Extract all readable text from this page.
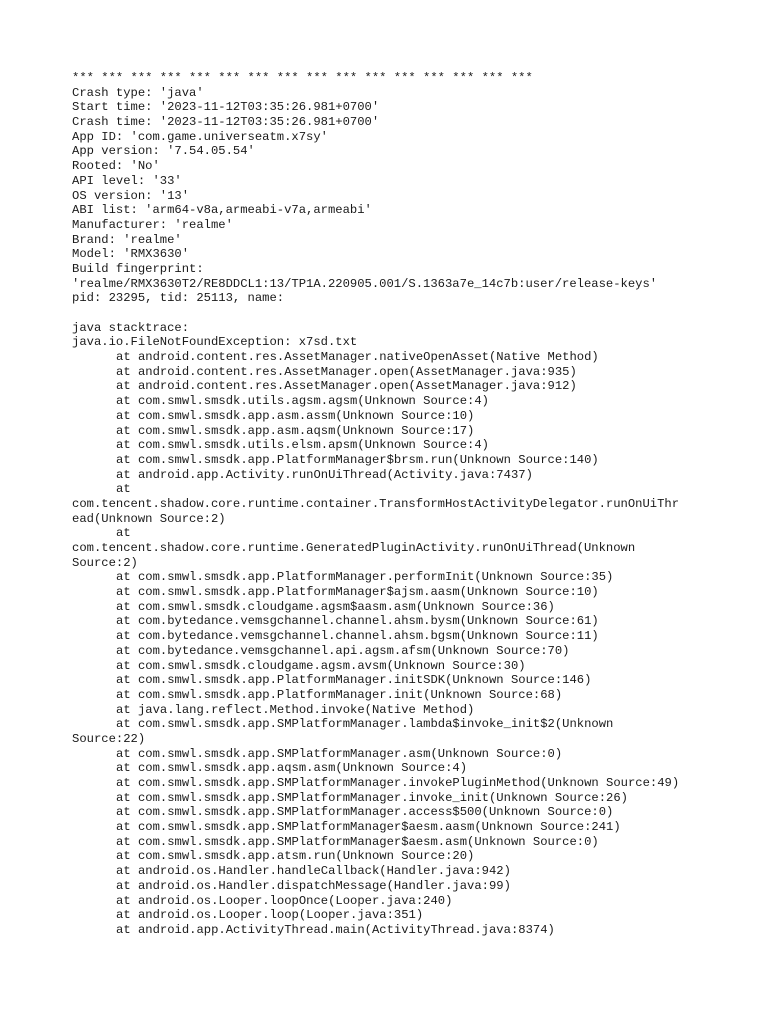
*** *** *** *** *** *** *** *** *** *** *** *** *** *** *** ***
Crash type: 'java'
Start time: '2023-11-12T03:35:26.981+0700'
Crash time: '2023-11-12T03:35:26.981+0700'
App ID: 'com.game.universeatm.x7sy'
App version: '7.54.05.54'
Rooted: 'No'
API level: '33'
OS version: '13'
ABI list: 'arm64-v8a,armeabi-v7a,armeabi'
Manufacturer: 'realme'
Brand: 'realme'
Model: 'RMX3630'
Build fingerprint:
'realme/RMX3630T2/RE8DDCL1:13/TP1A.220905.001/S.1363a7e_14c7b:user/release-keys'
pid: 23295, tid: 25113, name:
java stacktrace:
java.io.FileNotFoundException: x7sd.txt
at android.content.res.AssetManager.nativeOpenAsset(Native Method)
at android.content.res.AssetManager.open(AssetManager.java:935)
at android.content.res.AssetManager.open(AssetManager.java:912)
at com.smwl.smsdk.utils.agsm.agsm(Unknown Source:4)
at com.smwl.smsdk.app.asm.assm(Unknown Source:10)
at com.smwl.smsdk.app.asm.aqsm(Unknown Source:17)
at com.smwl.smsdk.utils.elsm.apsm(Unknown Source:4)
at com.smwl.smsdk.app.PlatformManager$brsm.run(Unknown Source:140)
at android.app.Activity.runOnUiThread(Activity.java:7437)
at
com.tencent.shadow.core.runtime.container.TransformHostActivityDelegator.runOnUiThr
ead(Unknown Source:2)
at
com.tencent.shadow.core.runtime.GeneratedPluginActivity.runOnUiThread(Unknown
Source:2)
at com.smwl.smsdk.app.PlatformManager.performInit(Unknown Source:35)
at com.smwl.smsdk.app.PlatformManager$ajsm.aasm(Unknown Source:10)
at com.smwl.smsdk.cloudgame.agsm$aasm.asm(Unknown Source:36)
at com.bytedance.vemsgchannel.channel.ahsm.bysm(Unknown Source:61)
at com.bytedance.vemsgchannel.channel.ahsm.bgsm(Unknown Source:11)
at com.bytedance.vemsgchannel.api.agsm.afsm(Unknown Source:70)
at com.smwl.smsdk.cloudgame.agsm.avsm(Unknown Source:30)
at com.smwl.smsdk.app.PlatformManager.initSDK(Unknown Source:146)
at com.smwl.smsdk.app.PlatformManager.init(Unknown Source:68)
at java.lang.reflect.Method.invoke(Native Method)
at com.smwl.smsdk.app.SMPlatformManager.lambda$invoke_init$2(Unknown
Source:22)
at com.smwl.smsdk.app.SMPlatformManager.asm(Unknown Source:0)
at com.smwl.smsdk.app.aqsm.asm(Unknown Source:4)
at com.smwl.smsdk.app.SMPlatformManager.invokePluginMethod(Unknown Source:49)
at com.smwl.smsdk.app.SMPlatformManager.invoke_init(Unknown Source:26)
at com.smwl.smsdk.app.SMPlatformManager.access$500(Unknown Source:0)
at com.smwl.smsdk.app.SMPlatformManager$aesm.aasm(Unknown Source:241)
at com.smwl.smsdk.app.SMPlatformManager$aesm.asm(Unknown Source:0)
at com.smwl.smsdk.app.atsm.run(Unknown Source:20)
at android.os.Handler.handleCallback(Handler.java:942)
at android.os.Handler.dispatchMessage(Handler.java:99)
at android.os.Looper.loopOnce(Looper.java:240)
at android.os.Looper.loop(Looper.java:351)
at android.app.ActivityThread.main(ActivityThread.java:8374)
